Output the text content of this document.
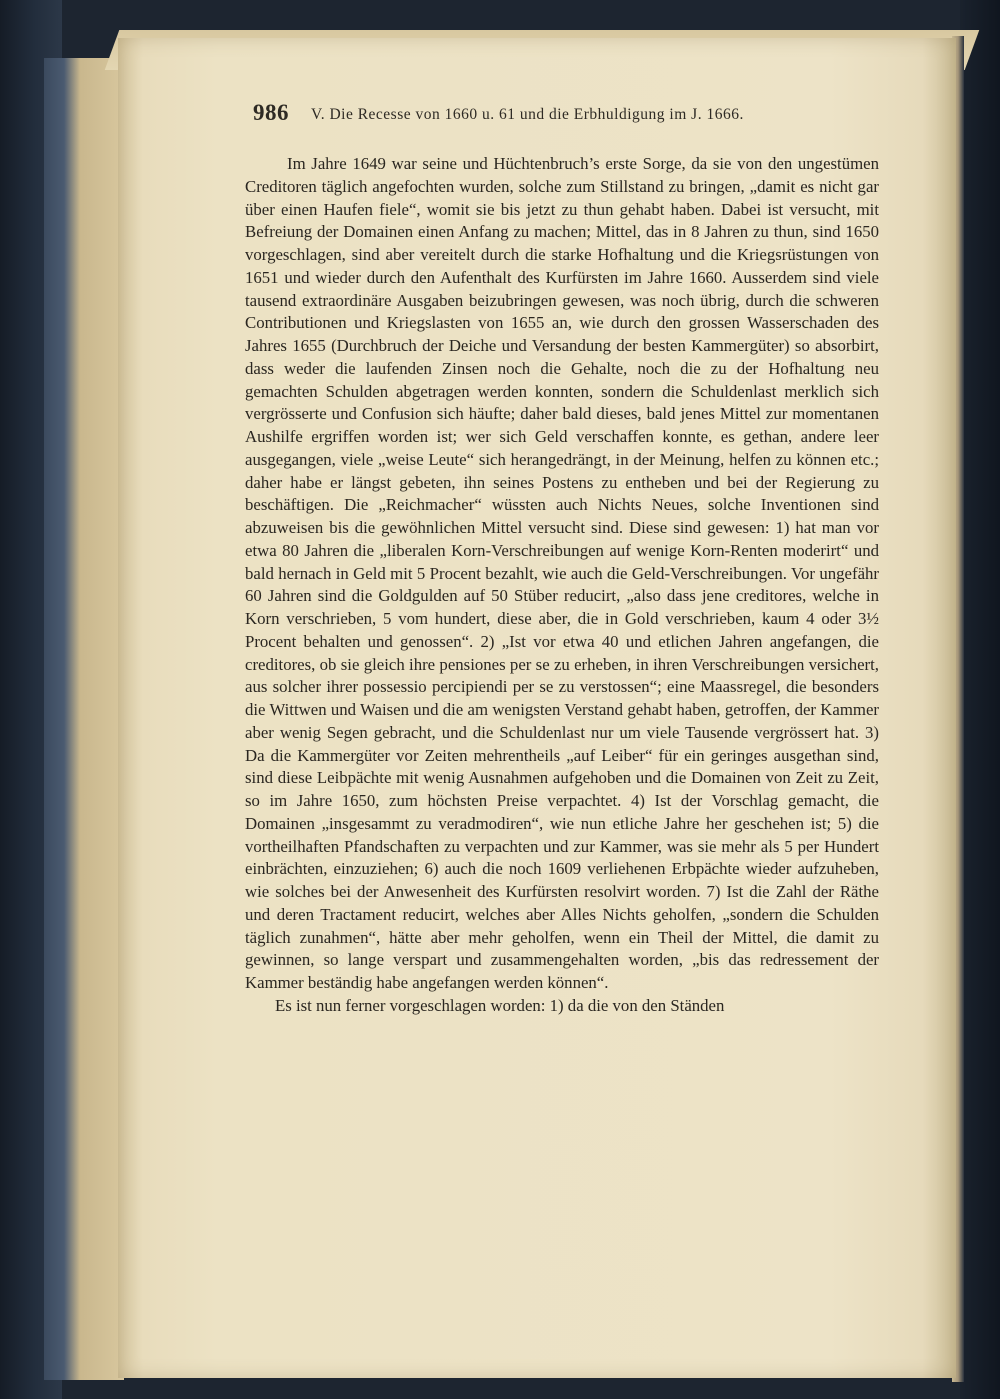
986 V. Die Recesse von 1660 u. 61 und die Erbhuldigung im J. 1666.

Im Jahre 1649 war seine und Hüchtenbruch’s erste Sorge, da sie von den ungestümen Creditoren täglich angefochten wurden, solche zum Stillstand zu bringen, „damit es nicht gar über einen Haufen fiele“, womit sie bis jetzt zu thun gehabt haben. Dabei ist versucht, mit Befreiung der Domainen einen Anfang zu machen; Mittel, das in 8 Jahren zu thun, sind 1650 vorgeschlagen, sind aber vereitelt durch die starke Hofhaltung und die Kriegsrüstungen von 1651 und wieder durch den Aufenthalt des Kurfürsten im Jahre 1660. Ausserdem sind viele tausend extraordinäre Ausgaben beizubringen gewesen, was noch übrig, durch die schweren Contributionen und Kriegslasten von 1655 an, wie durch den grossen Wasserschaden des Jahres 1655 (Durchbruch der Deiche und Versandung der besten Kammergüter) so absorbirt, dass weder die laufenden Zinsen noch die Gehalte, noch die zu der Hofhaltung neu gemachten Schulden abgetragen werden konnten, sondern die Schuldenlast merklich sich vergrösserte und Confusion sich häufte; daher bald dieses, bald jenes Mittel zur momentanen Aushilfe ergriffen worden ist; wer sich Geld verschaffen konnte, es gethan, andere leer ausgegangen, viele „weise Leute“ sich herangedrängt, in der Meinung, helfen zu können etc.; daher habe er längst gebeten, ihn seines Postens zu entheben und bei der Regierung zu beschäftigen. Die „Reichmacher“ wüssten auch Nichts Neues, solche Inventionen sind abzuweisen bis die gewöhnlichen Mittel versucht sind. Diese sind gewesen: 1) hat man vor etwa 80 Jahren die „liberalen Korn-Verschreibungen auf wenige Korn-Renten moderirt“ und bald hernach in Geld mit 5 Procent bezahlt, wie auch die Geld-Verschreibungen. Vor ungefähr 60 Jahren sind die Goldgulden auf 50 Stüber reducirt, „also dass jene creditores, welche in Korn verschrieben, 5 vom hundert, diese aber, die in Gold verschrieben, kaum 4 oder 3½ Procent behalten und genossen“. 2) „Ist vor etwa 40 und etlichen Jahren angefangen, die creditores, ob sie gleich ihre pensiones per se zu erheben, in ihren Verschreibungen versichert, aus solcher ihrer possessio percipiendi per se zu verstossen“; eine Maassregel, die besonders die Wittwen und Waisen und die am wenigsten Verstand gehabt haben, getroffen, der Kammer aber wenig Segen gebracht, und die Schuldenlast nur um viele Tausende vergrössert hat. 3) Da die Kammergüter vor Zeiten mehrentheils „auf Leiber“ für ein geringes ausgethan sind, sind diese Leibpächte mit wenig Ausnahmen aufgehoben und die Domainen von Zeit zu Zeit, so im Jahre 1650, zum höchsten Preise verpachtet. 4) Ist der Vorschlag gemacht, die Domainen „insgesammt zu veradmodiren“, wie nun etliche Jahre her geschehen ist; 5) die vortheilhaften Pfandschaften zu verpachten und zur Kammer, was sie mehr als 5 per Hundert einbrächten, einzuziehen; 6) auch die noch 1609 verliehenen Erbpächte wieder aufzuheben, wie solches bei der Anwesenheit des Kurfürsten resolvirt worden. 7) Ist die Zahl der Räthe und deren Tractament reducirt, welches aber Alles Nichts geholfen, „sondern die Schulden täglich zunahmen“, hätte aber mehr geholfen, wenn ein Theil der Mittel, die damit zu gewinnen, so lange verspart und zusammengehalten worden, „bis das redressement der Kammer beständig habe angefangen werden können“.

Es ist nun ferner vorgeschlagen worden: 1) da die von den Ständen
